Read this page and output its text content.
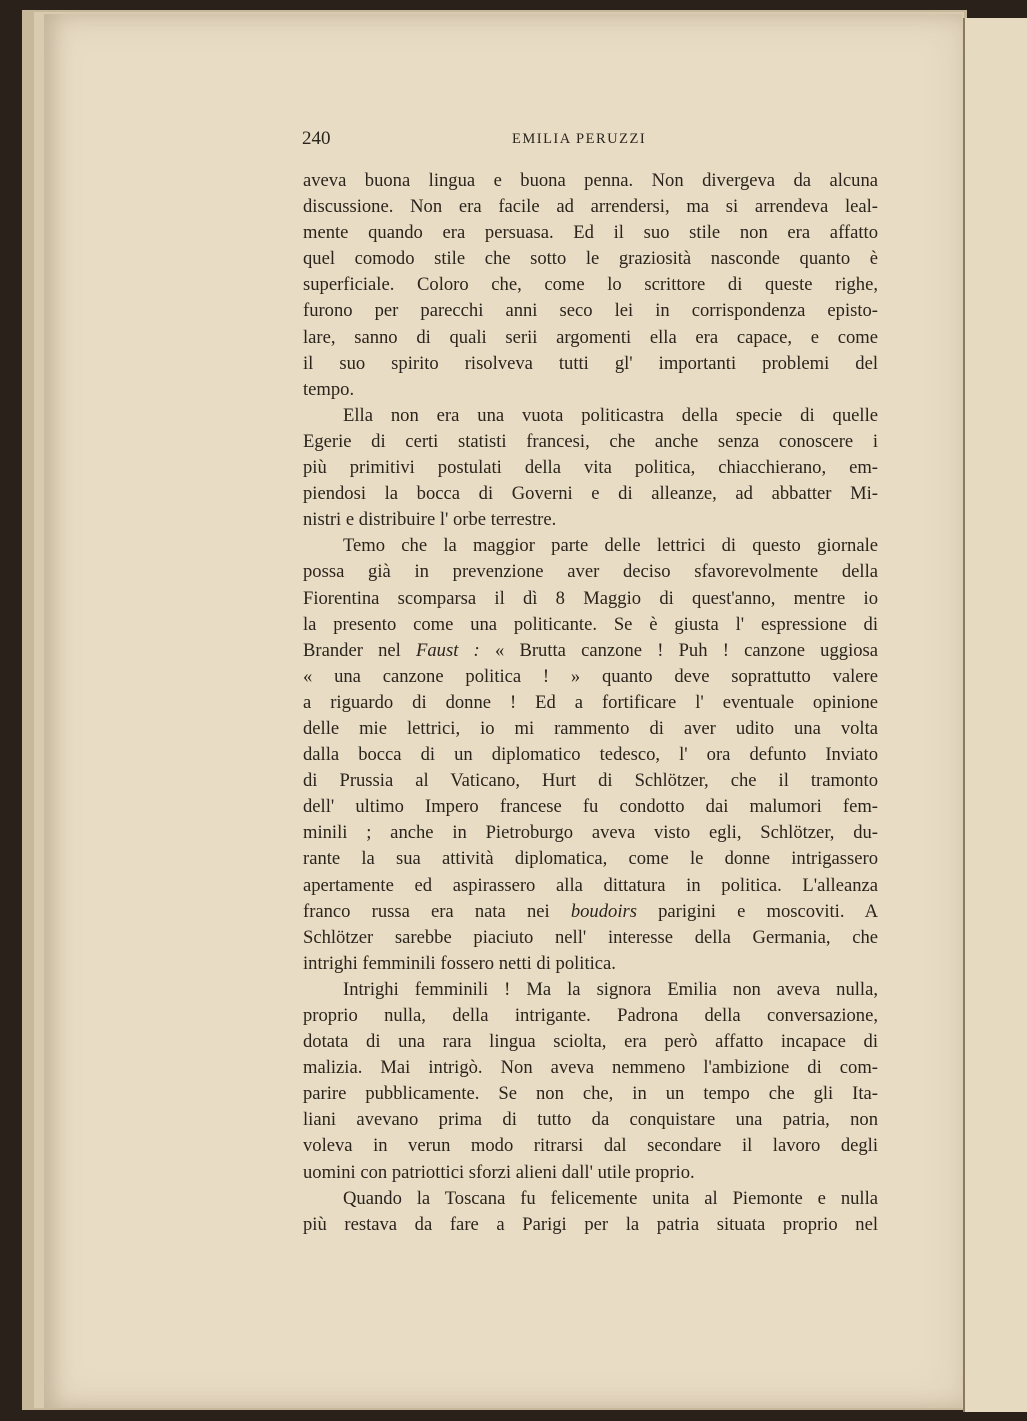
240	EMILIA PERUZZI

aveva buona lingua e buona penna. Non divergeva da alcuna
discussione. Non era facile ad arrendersi, ma si arrendeva leal-
mente quando era persuasa. Ed il suo stile non era affatto
quel comodo stile che sotto le graziosità nasconde quanto è
superficiale. Coloro che, come lo scrittore di queste righe,
furono per parecchi anni seco lei in corrispondenza episto-
lare, sanno di quali serii argomenti ella era capace, e come
il suo spirito risolveva tutti gl' importanti problemi del
tempo.

Ella non era una vuota politicastra della specie di quelle
Egerie di certi statisti francesi, che anche senza conoscere i
più primitivi postulati della vita politica, chiacchierano, em-
piendosi la bocca di Governi e di alleanze, ad abbatter Mi-
nistri e distribuire l' orbe terrestre.

Temo che la maggior parte delle lettrici di questo giornale
possa già in prevenzione aver deciso sfavorevolmente della
Fiorentina scomparsa il dì 8 Maggio di quest'anno, mentre io
la presento come una politicante. Se è giusta l' espressione di
Brander nel Faust : « Brutta canzone ! Puh ! canzone uggiosa
« una canzone politica ! » quanto deve soprattutto valere
a riguardo di donne ! Ed a fortificare l' eventuale opinione
delle mie lettrici, io mi rammento di aver udito una volta
dalla bocca di un diplomatico tedesco, l' ora defunto Inviato
di Prussia al Vaticano, Hurt di Schlötzer, che il tramonto
dell' ultimo Impero francese fu condotto dai malumori fem-
minili ; anche in Pietroburgo aveva visto egli, Schlötzer, du-
rante la sua attività diplomatica, come le donne intrigassero
apertamente ed aspirassero alla dittatura in politica. L'alleanza
franco russa era nata nei boudoirs parigini e moscoviti. A
Schlötzer sarebbe piaciuto nell' interesse della Germania, che
intrighi femminili fossero netti di politica.

Intrighi femminili ! Ma la signora Emilia non aveva nulla,
proprio nulla, della intrigante. Padrona della conversazione,
dotata di una rara lingua sciolta, era però affatto incapace di
malizia. Mai intrigò. Non aveva nemmeno l'ambizione di com-
parire pubblicamente. Se non che, in un tempo che gli Ita-
liani avevano prima di tutto da conquistare una patria, non
voleva in verun modo ritrarsi dal secondare il lavoro degli
uomini con patriottici sforzi alieni dall' utile proprio.

Quando la Toscana fu felicemente unita al Piemonte e nulla
più restava da fare a Parigi per la patria situata proprio nel
